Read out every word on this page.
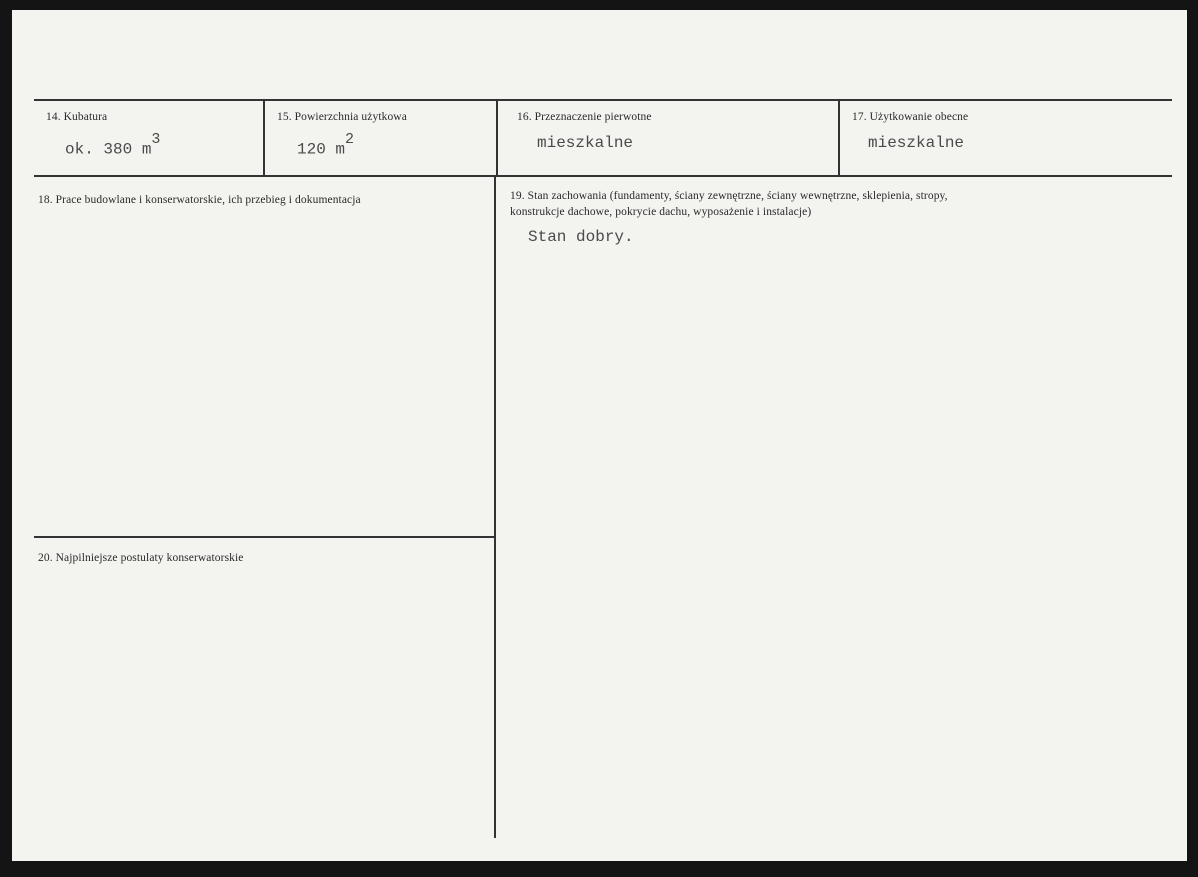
14. Kubatura
ok. 380 $m^3$
15. Powierzchnia użytkowa
120 $m^2$
16. Przeznaczenie pierwotne
mieszkalne
17. Użytkowanie obecne
mieszkalne
18. Prace budowlane i konserwatorskie, ich przebieg i dokumentacja	19. Stan zachowania (fundamenty, ściany zewnętrzne, ściany wewnętrzne, sklepienia, stropy,
konstrukcje dachowe, pokrycie dachu, wyposażenie i instalacje)
Stan dobry.
20. Najpilniejsze postulaty konserwatorskie
